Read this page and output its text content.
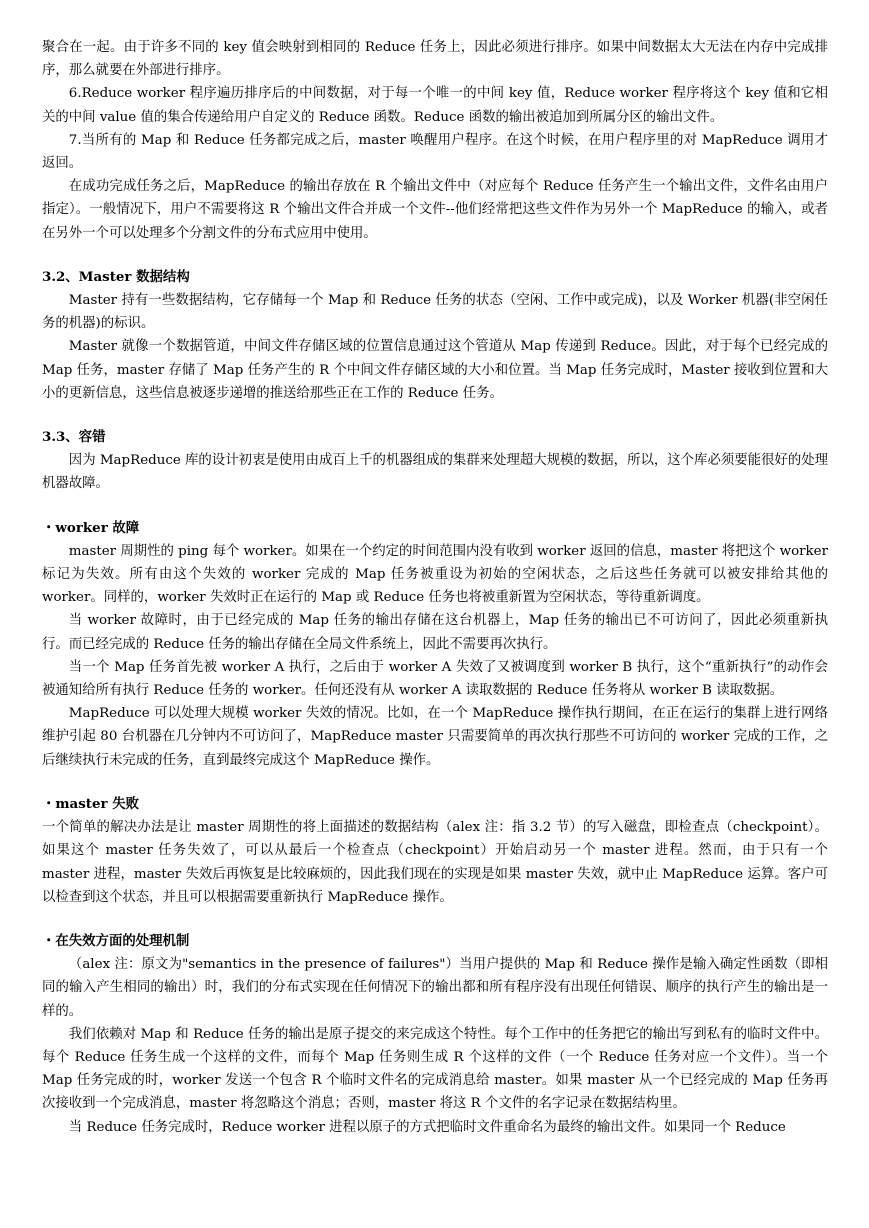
聚合在一起。由于许多不同的 key 值会映射到相同的 Reduce 任务上，因此必须进行排序。如果中间数据太大无法在内存中完成排序，那么就要在外部进行排序。

6.Reduce worker 程序遍历排序后的中间数据，对于每一个唯一的中间 key 值，Reduce worker 程序将这个 key 值和它相关的中间 value 值的集合传递给用户自定义的 Reduce 函数。Reduce 函数的输出被追加到所属分区的输出文件。

7.当所有的 Map 和 Reduce 任务都完成之后，master 唤醒用户程序。在这个时候，在用户程序里的对 MapReduce 调用才返回。

在成功完成任务之后，MapReduce 的输出存放在 R 个输出文件中（对应每个 Reduce 任务产生一个输出文件，文件名由用户指定）。一般情况下，用户不需要将这 R 个输出文件合并成一个文件--他们经常把这些文件作为另外一个 MapReduce 的输入，或者在另外一个可以处理多个分割文件的分布式应用中使用。

3.2、Master 数据结构

Master 持有一些数据结构，它存储每一个 Map 和 Reduce 任务的状态（空闲、工作中或完成)，以及 Worker 机器(非空闲任务的机器)的标识。

Master 就像一个数据管道，中间文件存储区域的位置信息通过这个管道从 Map 传递到 Reduce。因此，对于每个已经完成的 Map 任务，master 存储了 Map 任务产生的 R 个中间文件存储区域的大小和位置。当 Map 任务完成时，Master 接收到位置和大小的更新信息，这些信息被逐步递增的推送给那些正在工作的 Reduce 任务。

3.3、容错

因为 MapReduce 库的设计初衷是使用由成百上千的机器组成的集群来处理超大规模的数据，所以，这个库必须要能很好的处理机器故障。

・worker 故障

master 周期性的 ping 每个 worker。如果在一个约定的时间范围内没有收到 worker 返回的信息，master 将把这个 worker 标记为失效。所有由这个失效的 worker 完成的 Map 任务被重设为初始的空闲状态，之后这些任务就可以被安排给其他的 worker。同样的，worker 失效时正在运行的 Map 或 Reduce 任务也将被重新置为空闲状态，等待重新调度。

当 worker 故障时，由于已经完成的 Map 任务的输出存储在这台机器上，Map 任务的输出已不可访问了，因此必须重新执行。而已经完成的 Reduce 任务的输出存储在全局文件系统上，因此不需要再次执行。

当一个 Map 任务首先被 worker A 执行，之后由于 worker A 失效了又被调度到 worker B 执行，这个“重新执行”的动作会被通知给所有执行 Reduce 任务的 worker。任何还没有从 worker A 读取数据的 Reduce 任务将从 worker B 读取数据。

MapReduce 可以处理大规模 worker 失效的情况。比如，在一个 MapReduce 操作执行期间，在正在运行的集群上进行网络维护引起 80 台机器在几分钟内不可访问了，MapReduce master 只需要简单的再次执行那些不可访问的 worker 完成的工作，之后继续执行未完成的任务，直到最终完成这个 MapReduce 操作。

・master 失败

一个简单的解决办法是让 master 周期性的将上面描述的数据结构（alex 注：指 3.2 节）的写入磁盘，即检查点（checkpoint）。如果这个 master 任务失效了，可以从最后一个检查点（checkpoint）开始启动另一个 master 进程。然而，由于只有一个 master 进程，master 失效后再恢复是比较麻烦的，因此我们现在的实现是如果 master 失效，就中止 MapReduce 运算。客户可以检查到这个状态，并且可以根据需要重新执行 MapReduce 操作。

・在失效方面的处理机制

（alex 注：原文为"semantics in the presence of failures"）当用户提供的 Map 和 Reduce 操作是输入确定性函数（即相同的输入产生相同的输出）时，我们的分布式实现在任何情况下的输出都和所有程序没有出现任何错误、顺序的执行产生的输出是一样的。

我们依赖对 Map 和 Reduce 任务的输出是原子提交的来完成这个特性。每个工作中的任务把它的输出写到私有的临时文件中。每个 Reduce 任务生成一个这样的文件，而每个 Map 任务则生成 R 个这样的文件（一个 Reduce 任务对应一个文件）。当一个 Map 任务完成的时，worker 发送一个包含 R 个临时文件名的完成消息给 master。如果 master 从一个已经完成的 Map 任务再次接收到一个完成消息，master 将忽略这个消息；否则，master 将这 R 个文件的名字记录在数据结构里。

当 Reduce 任务完成时，Reduce worker 进程以原子的方式把临时文件重命名为最终的输出文件。如果同一个 Reduce
